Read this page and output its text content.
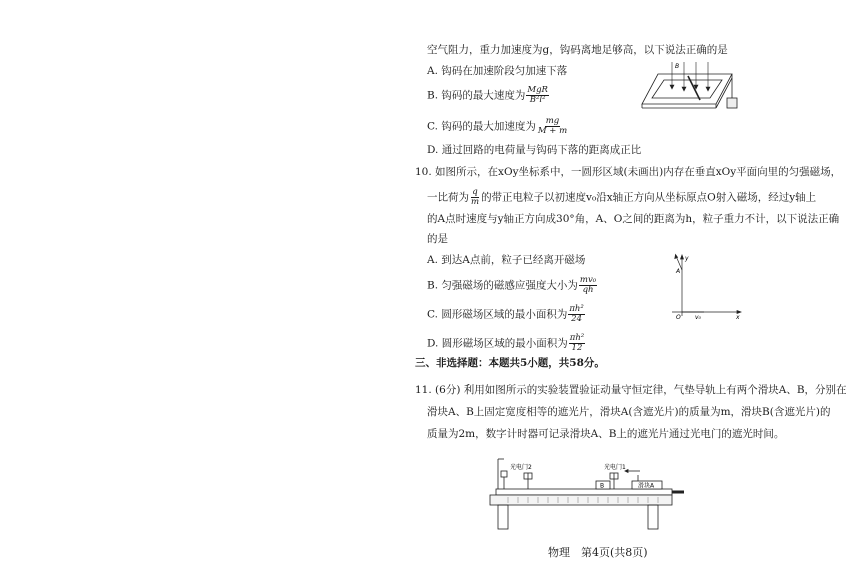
空气阻力，重力加速度为g，钩码离地足够高，以下说法正确的是
A. 钩码在加速阶段匀加速下落
B. 钩码的最大速度为 $\frac{\text{MgR}}{\text{B²l²}}$
C. 钩码的最大加速度为 $\frac{mg}{M + m}$
D. 通过回路的电荷量与钩码下落的距离成正比
B
10. 如图所示，在xOy坐标系中，一圆形区域(未画出)内存在垂直xOy平面向里的匀强磁场，
一比荷为 $\frac{q}{m}$ 的带正电粒子以初速度v₀沿x轴正方向从坐标原点O射入磁场，经过y轴上
的A点时速度与y轴正方向成30°角，A、O之间的距离为h，粒子重力不计，以下说法正确
的是
A. 到达A点前，粒子已经离开磁场
B. 匀强磁场的磁感应强度大小为 $\frac{\text{mv₀}}{qh}$
C. 圆形磁场区域的最小面积为 $\frac{\text{πh²}}{24}$
D. 圆形磁场区域的最小面积为 $\frac{\text{πh²}}{12}$
y
A
O v₀	x
三、非选择题：本题共5小题，共58分。
11. (6分) 利用如图所示的实验装置验证动量守恒定律，气垫导轨上有两个滑块A、B，分别在
滑块A、B上固定宽度相等的遮光片，滑块A(含遮光片)的质量为m，滑块B(含遮光片)的
质量为2m，数字计时器可记录滑块A、B上的遮光片通过光电门的遮光时间。
光电门2	光电门1
滑块A
B
物理　第4页(共8页)
